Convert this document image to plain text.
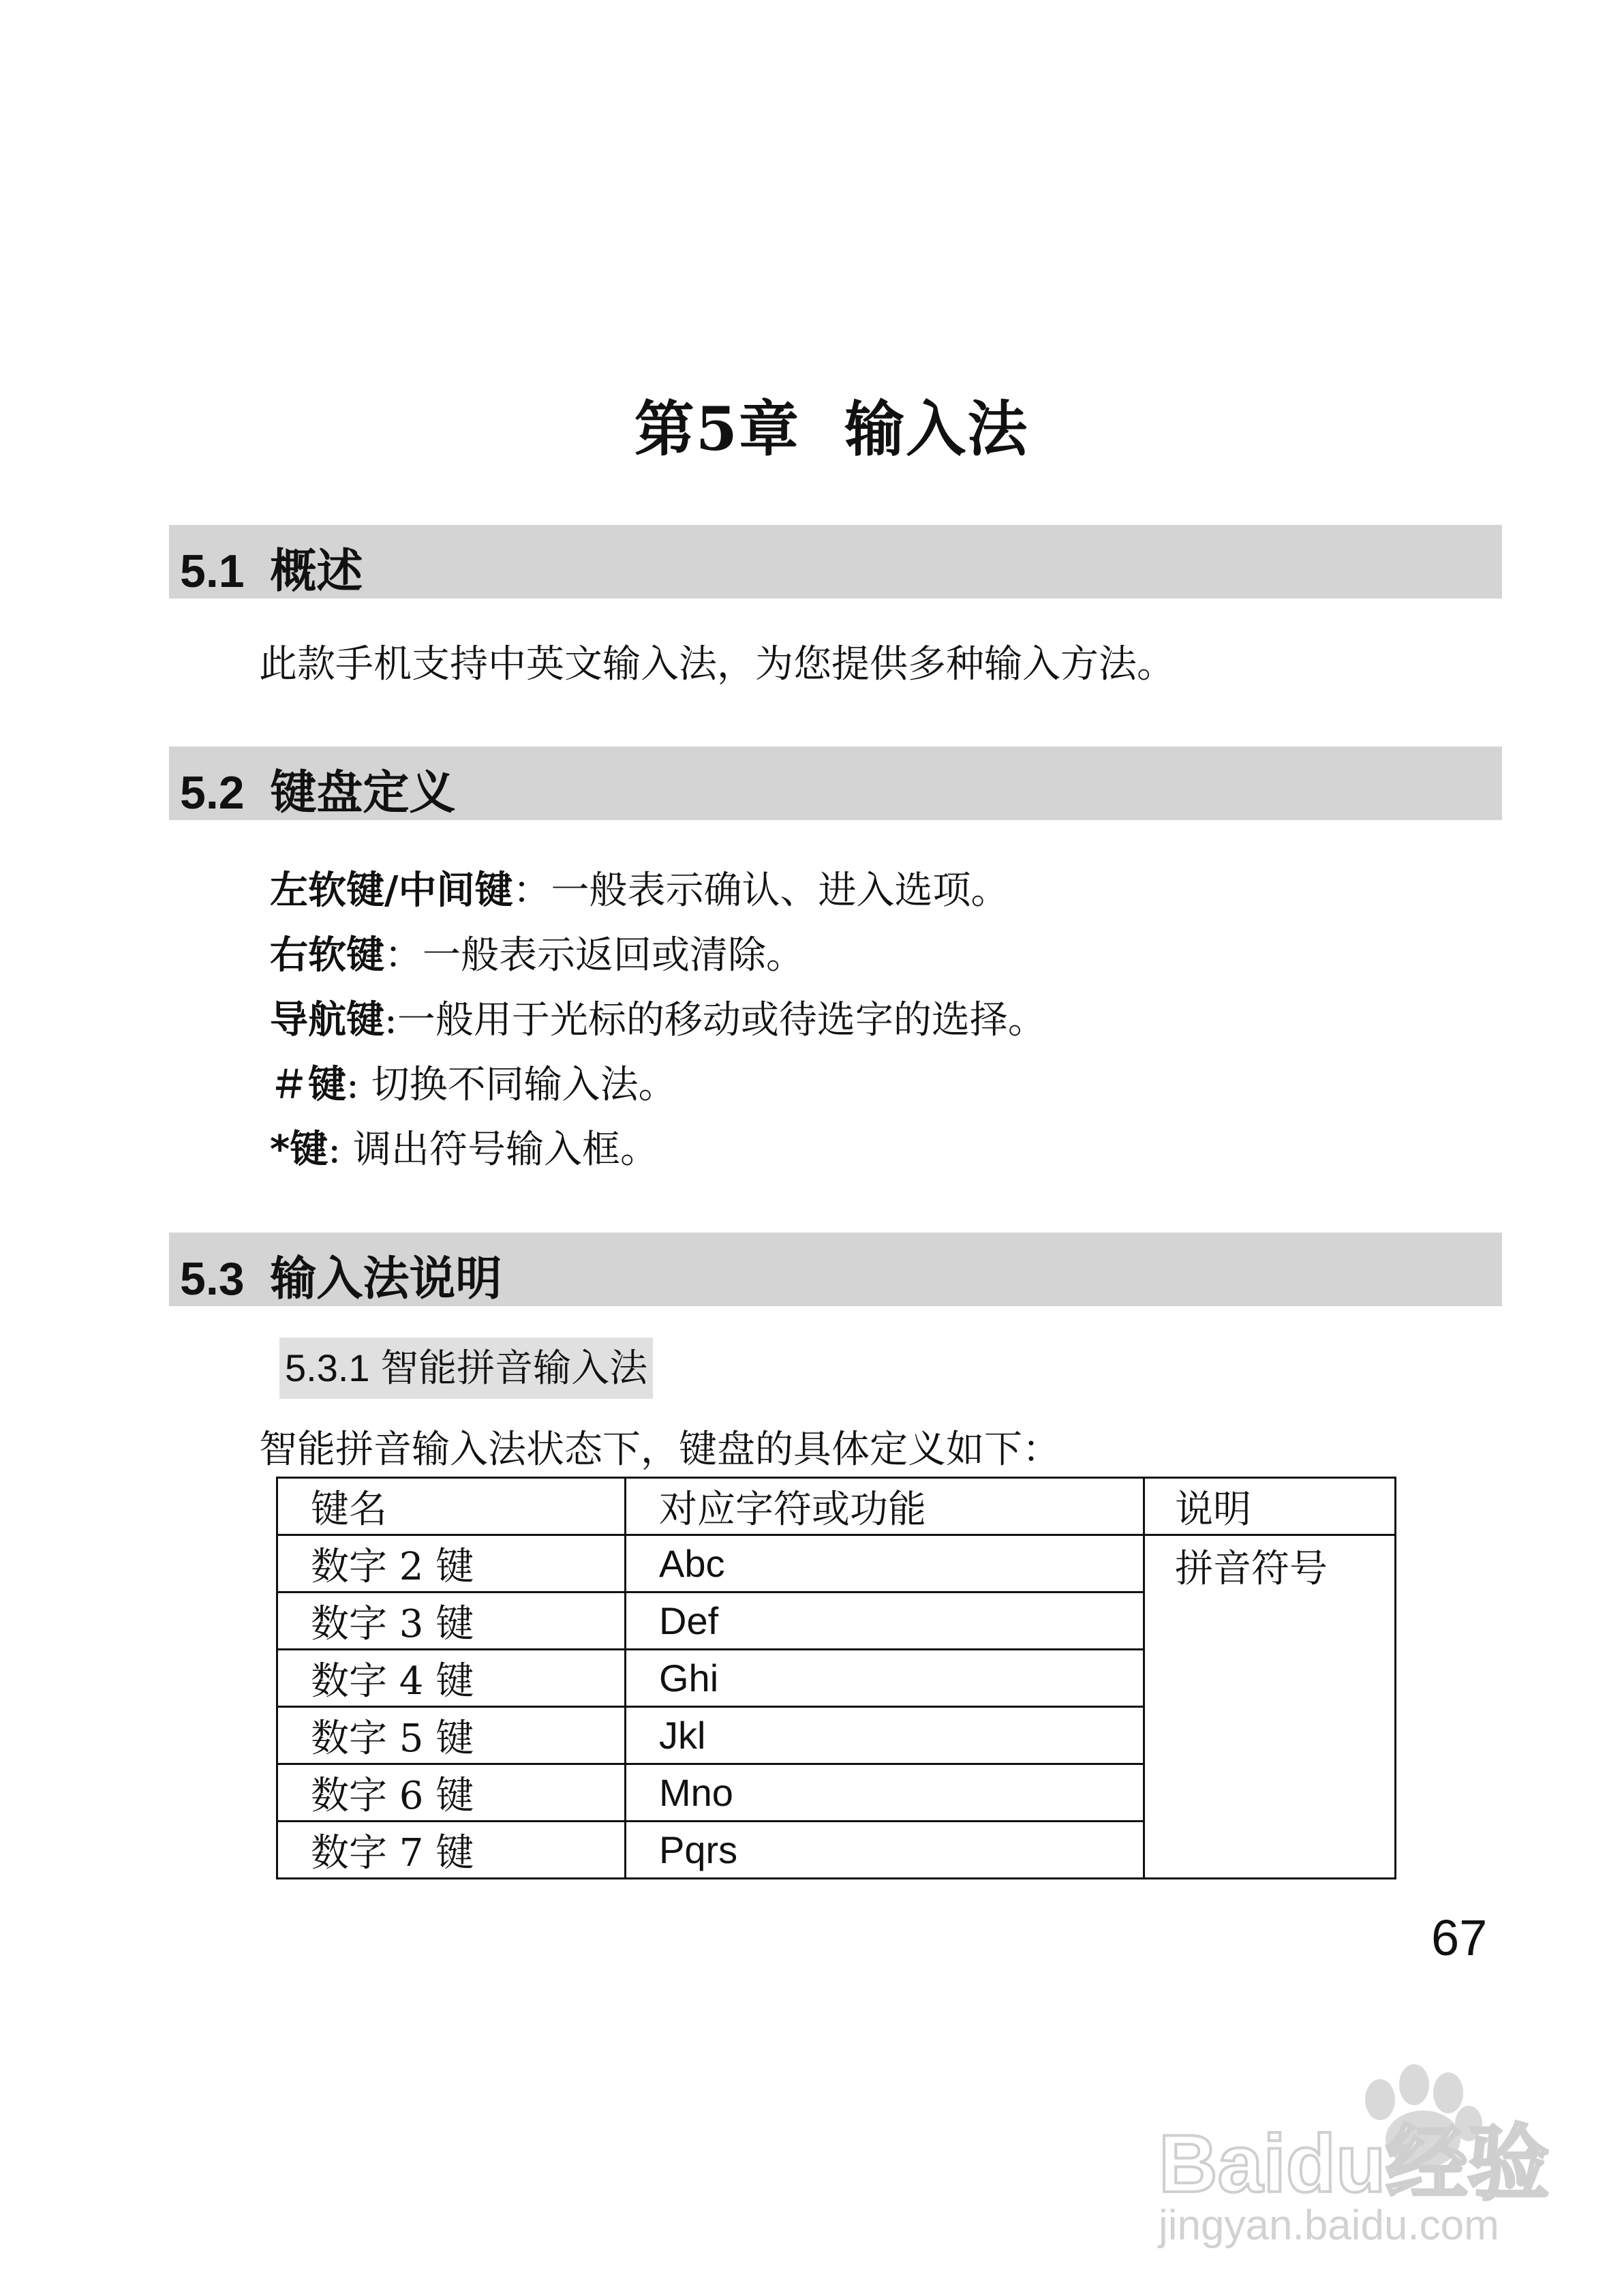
第5章  输入法
5.1  概述
此款手机支持中英文输入法，为您提供多种输入方法。
5.2  键盘定义
左软键/中间键：一般表示确认、进入选项。
右软键：一般表示返回或清除。
导航键:一般用于光标的移动或待选字的选择。
＃键: 切换不同输入法。
*键: 调出符号输入框。
5.3  输入法说明
5.3.1 智能拼音输入法
智能拼音输入法状态下，键盘的具体定义如下：
键名	对应字符或功能	说明
数字 2 键	Abc	拼音符号
数字 3 键	Def	
数字 4 键	Ghi	
数字 5 键	Jkl	
数字 6 键	Mno	
数字 7 键	Pqrs	
67
Baidu经验
jingyan.baidu.com
